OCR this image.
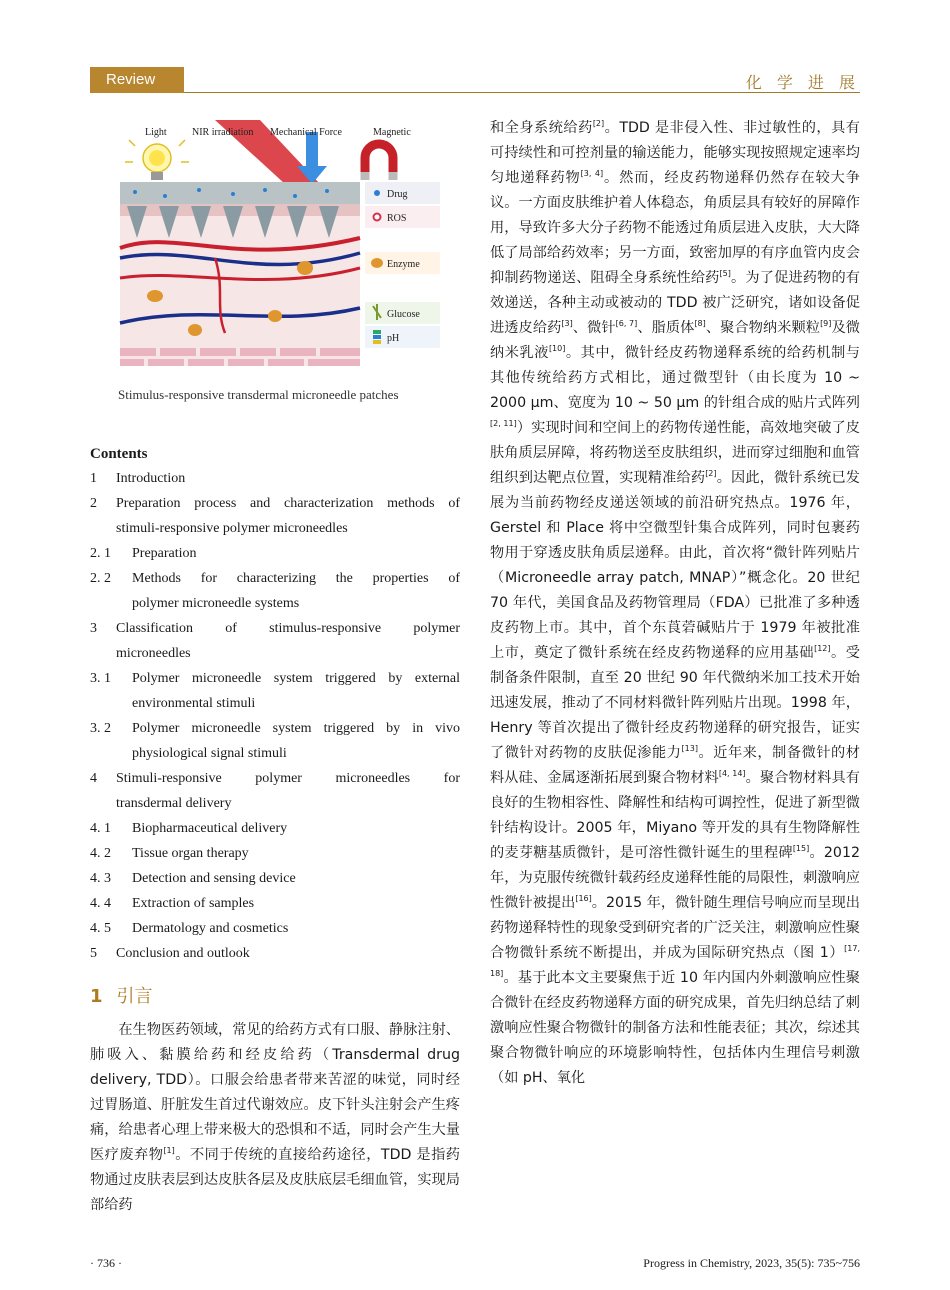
Review	化 学 进 展
Light	NIR irradiation Mechanical Force	Magnetic
Drug
ROS
Enzyme
Glucose
pH
Stimulus-responsive transdermal microneedle patches
Contents
1	Introduction
2	Preparation process and characterization methods of
stimuli-responsive polymer microneedles
2. 1	Preparation
2. 2	Methods for characterizing the properties of
polymer microneedle systems
3	Classification of stimulus-responsive polymer
microneedles
3. 1	Polymer microneedle system triggered by external
environmental stimuli
3. 2	Polymer microneedle system triggered by in vivo
physiological signal stimuli
4	Stimuli-responsive polymer microneedles for
transdermal delivery
4. 1	Biopharmaceutical delivery
4. 2	Tissue organ therapy
4. 3	Detection and sensing device
4. 4	Extraction of samples
4. 5	Dermatology and cosmetics
5	Conclusion and outlook
1 引言
在生物医药领域，常见的给药方式有口服、静脉注射、肺吸入、黏膜给药和经皮给药（Transdermal drug delivery, TDD）。口服会给患者带来苦涩的味觉，同时经过胃肠道、肝脏发生首过代谢效应。皮下针头注射会产生疼痛，给患者心理上带来极大的恐惧和不适，同时会产生大量医疗废弃物[1]。不同于传统的直接给药途径，TDD 是指药物通过皮肤表层到达皮肤各层及皮肤底层毛细血管，实现局部给药
和全身系统给药[2]。TDD 是非侵入性、非过敏性的，具有可持续性和可控剂量的输送能力，能够实现按照规定速率均匀地递释药物[3, 4]。然而，经皮药物递释仍然存在较大争议。一方面皮肤维护着人体稳态，角质层具有较好的屏障作用，导致许多大分子药物不能透过角质层进入皮肤，大大降低了局部给药效率；另一方面，致密加厚的有序血管内皮会抑制药物递送、阻碍全身系统性给药[5]。为了促进药物的有效递送，各种主动或被动的 TDD 被广泛研究，诸如设备促进透皮给药[3]、微针[6, 7]、脂质体[8]、聚合物纳米颗粒[9]及微纳米乳液[10]。其中，微针经皮药物递释系统的给药机制与其他传统给药方式相比，通过微型针（由长度为 10 ~ 2000 μm、宽度为 10 ~ 50 μm 的针组合成的贴片式阵列[2, 11]）实现时间和空间上的药物传递性能，高效地突破了皮肤角质层屏障，将药物送至皮肤组织，进而穿过细胞和血管组织到达靶点位置，实现精准给药[2]。因此，微针系统已发展为当前药物经皮递送领域的前沿研究热点。1976 年，Gerstel 和 Place 将中空微型针集合成阵列，同时包裹药物用于穿透皮肤角质层递释。由此，首次将“微针阵列贴片（Microneedle array patch, MNAP）”概念化。20 世纪 70 年代，美国食品及药物管理局（FDA）已批准了多种透皮药物上市。其中，首个东莨菪碱贴片于 1979 年被批准上市，奠定了微针系统在经皮药物递释的应用基础[12]。受制备条件限制，直至 20 世纪 90 年代微纳米加工技术开始迅速发展，推动了不同材料微针阵列贴片出现。1998 年，Henry 等首次提出了微针经皮药物递释的研究报告，证实了微针对药物的皮肤促渗能力[13]。近年来，制备微针的材料从硅、金属逐渐拓展到聚合物材料[4, 14]。聚合物材料具有良好的生物相容性、降解性和结构可调控性，促进了新型微针结构设计。2005 年，Miyano 等开发的具有生物降解性的麦芽糖基质微针，是可溶性微针诞生的里程碑[15]。2012 年，为克服传统微针载药经皮递释性能的局限性，刺激响应性微针被提出[16]。2015 年，微针随生理信号响应而呈现出药物递释特性的现象受到研究者的广泛关注，刺激响应性聚合物微针系统不断提出，并成为国际研究热点（图 1）[17, 18]。基于此本文主要聚焦于近 10 年内国内外刺激响应性聚合微针在经皮药物递释方面的研究成果，首先归纳总结了刺激响应性聚合物微针的制备方法和性能表征；其次，综述其聚合物微针响应的环境影响特性，包括体内生理信号刺激（如 pH、氧化
· 736 ·	Progress in Chemistry, 2023, 35(5): 735~756
